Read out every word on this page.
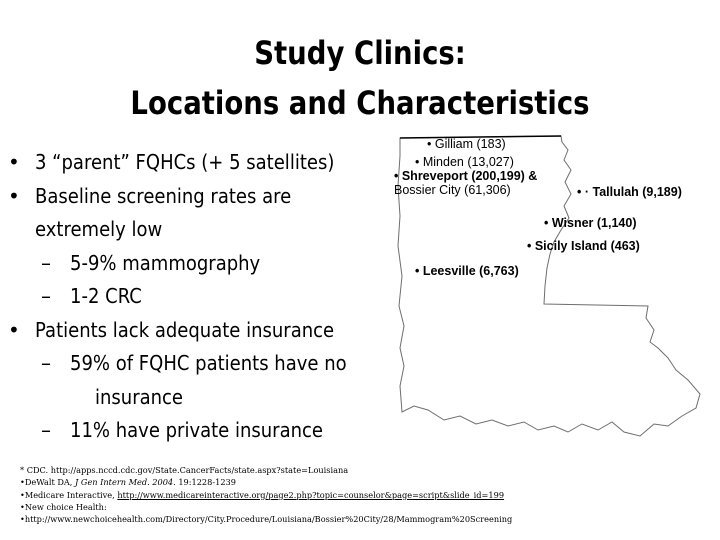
Study Clinics:
Locations and Characteristics
• 3 “parent” FQHCs (+ 5 satellites)
• Baseline screening rates are
extremely low
– 5-9% mammography
– 1-2 CRC
• Patients lack adequate insurance
– 59% of FQHC patients have no
insurance
– 11% have private insurance
• Gilliam (183)
• Minden (13,027)
• Shreveport (200,199) &
Bossier City (61,306)	• · Tallulah (9,189)
• Wisner (1,140)
• Sicily Island (463)
• Leesville (6,763)
* CDC. http://apps.nccd.cdc.gov/State.CancerFacts/state.aspx?state=Louisiana
•DeWalt DA, J Gen Intern Med. 2004. 19:1228-1239
•Medicare Interactive, http://www.medicareinteractive.org/page2.php?topic=counselor&page=script&slide_id=199
•New choice Health:
•http://www.newchoicehealth.com/Directory/City.Procedure/Louisiana/Bossier%20City/28/Mammogram%20Screening
